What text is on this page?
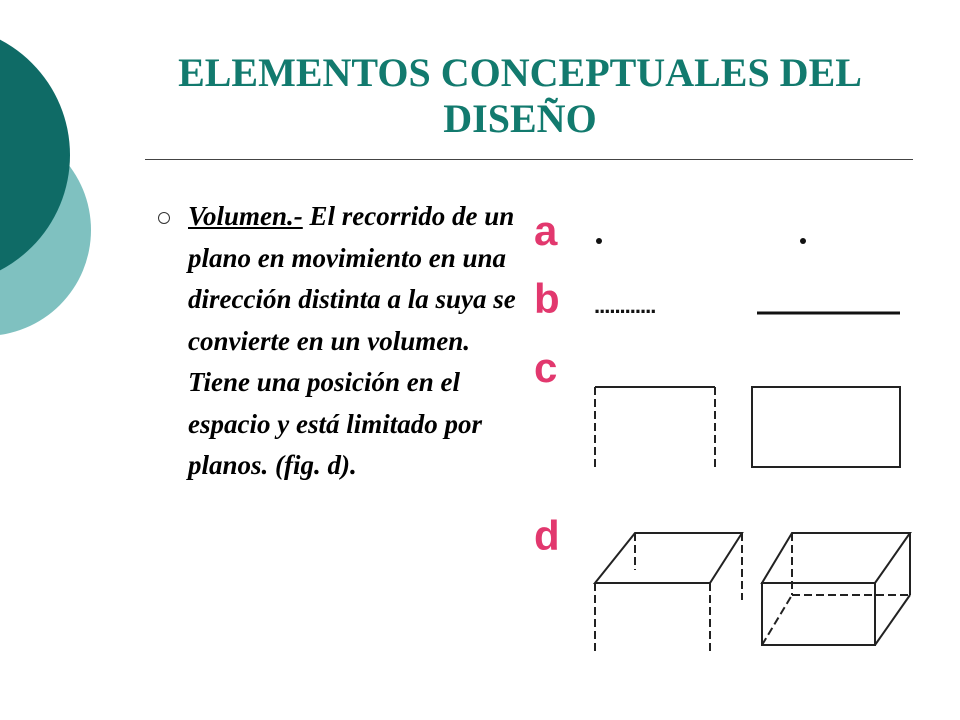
ELEMENTOS CONCEPTUALES DEL DISEÑO

Volumen.- El recorrido de un plano en movimiento en una dirección distinta a la suya se convierte en un volumen. Tiene una posición en el espacio y está limitado por planos. (fig. d).

a
b
c
d
............
